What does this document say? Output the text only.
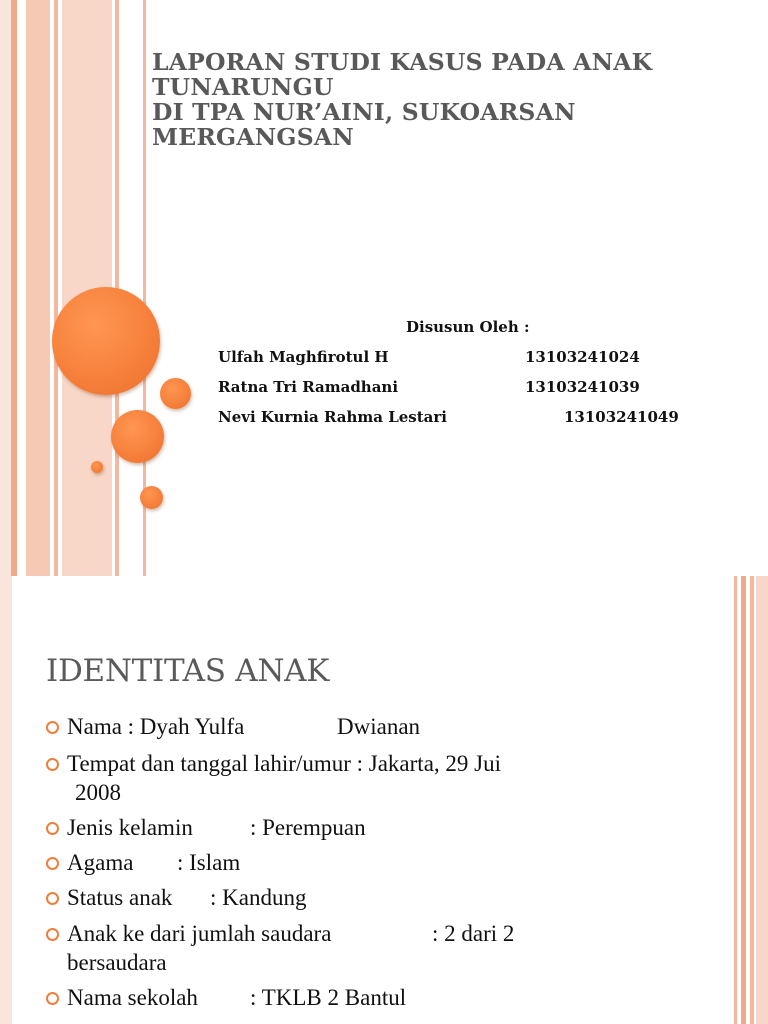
LAPORAN STUDI KASUS PADA ANAK
TUNARUNGU
DI TPA NUR’AINI, SUKOARSAN
MERGANGSAN
Disusun Oleh :
Ulfah Maghfirotul H	13103241024
Ratna Tri Ramadhani	13103241039
Nevi Kurnia Rahma Lestari	13103241049
IDENTITAS ANAK
Nama : Dyah Yulfa	Dwianan
Tempat dan tanggal lahir/umur : Jakarta, 29 Jui
2008
Jenis kelamin : Perempuan
Agama : Islam
Status anak : Kandung
Anak ke dari jumlah saudara	: 2 dari 2
bersaudara
Nama sekolah : TKLB 2 Bantul
